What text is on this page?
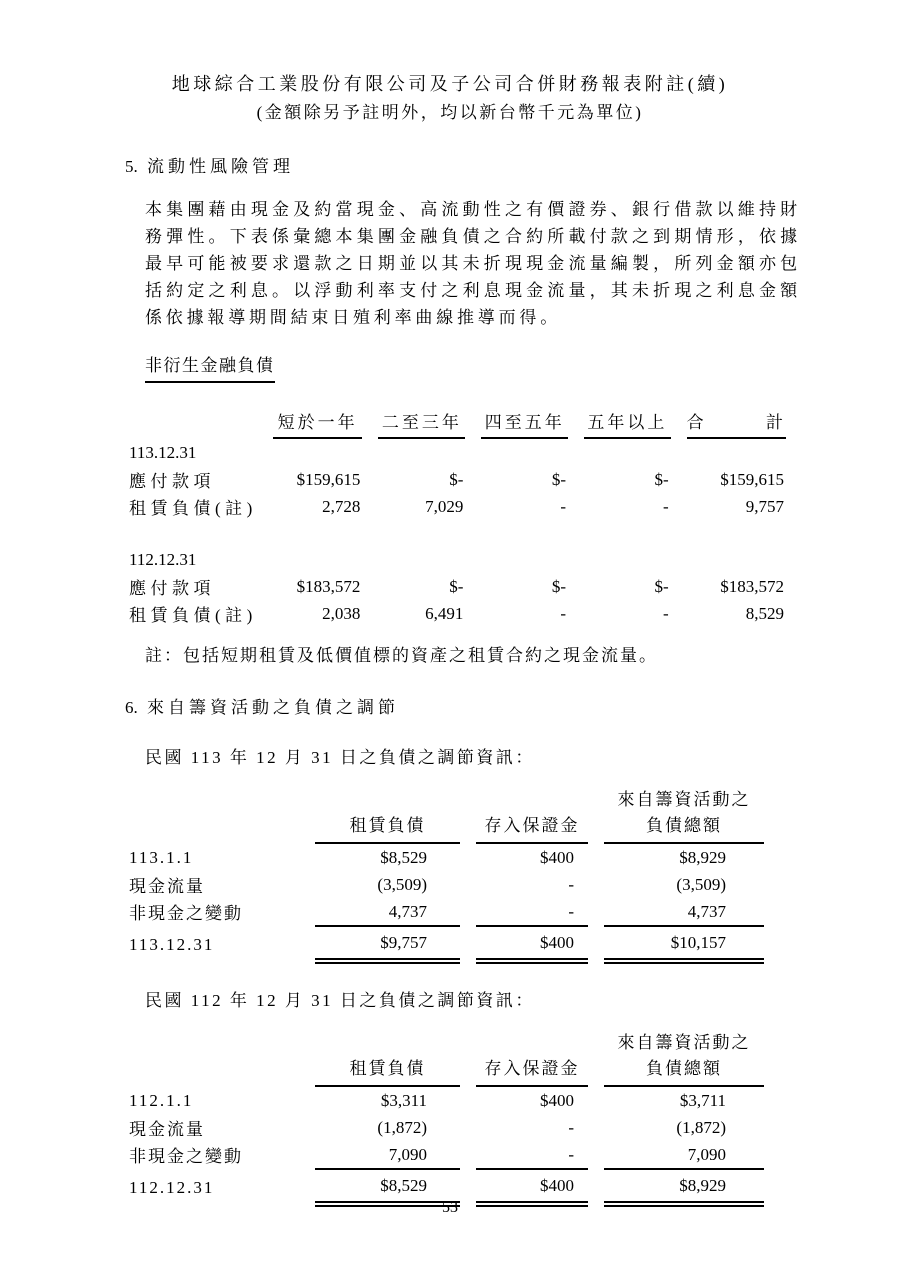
地球綜合工業股份有限公司及子公司合併財務報表附註(續)
(金額除另予註明外，均以新台幣千元為單位)
5. 流動性風險管理
本集團藉由現金及約當現金、高流動性之有價證券、銀行借款以維持財務彈性。下表係彙總本集團金融負債之合約所載付款之到期情形，依據最早可能被要求還款之日期並以其未折現現金流量編製，所列金額亦包括約定之利息。以浮動利率支付之利息現金流量，其未折現之利息金額係依據報導期間結束日殖利率曲線推導而得。
非衍生金融負債
	短於一年	二至三年	四至五年	五年以上	合計
113.12.31					
應付款項	$159,615	$-	$-	$-	$159,615
租賃負債(註)	2,728	7,029	-	-	9,757

112.12.31					
應付款項	$183,572	$-	$-	$-	$183,572
租賃負債(註)	2,038	6,491	-	-	8,529
註：包括短期租賃及低價值標的資產之租賃合約之現金流量。
6. 來自籌資活動之負債之調節
民國 113 年 12 月 31 日之負債之調節資訊：

	租賃負債	存入保證金	來自籌資活動之
負債總額

113.1.1	$8,529	$400	$8,929
現金流量	(3,509)	-	(3,509)
非現金之變動	4,737	-	4,737
113.12.31	$9,757	$400	$10,157
民國 112 年 12 月 31 日之負債之調節資訊：

	租賃負債	存入保證金	來自籌資活動之
負債總額

112.1.1	$3,311	$400	$3,711
現金流量	(1,872)	-	(1,872)
非現金之變動	7,090	-	7,090
112.12.31	$8,529	$400	$8,929
53
